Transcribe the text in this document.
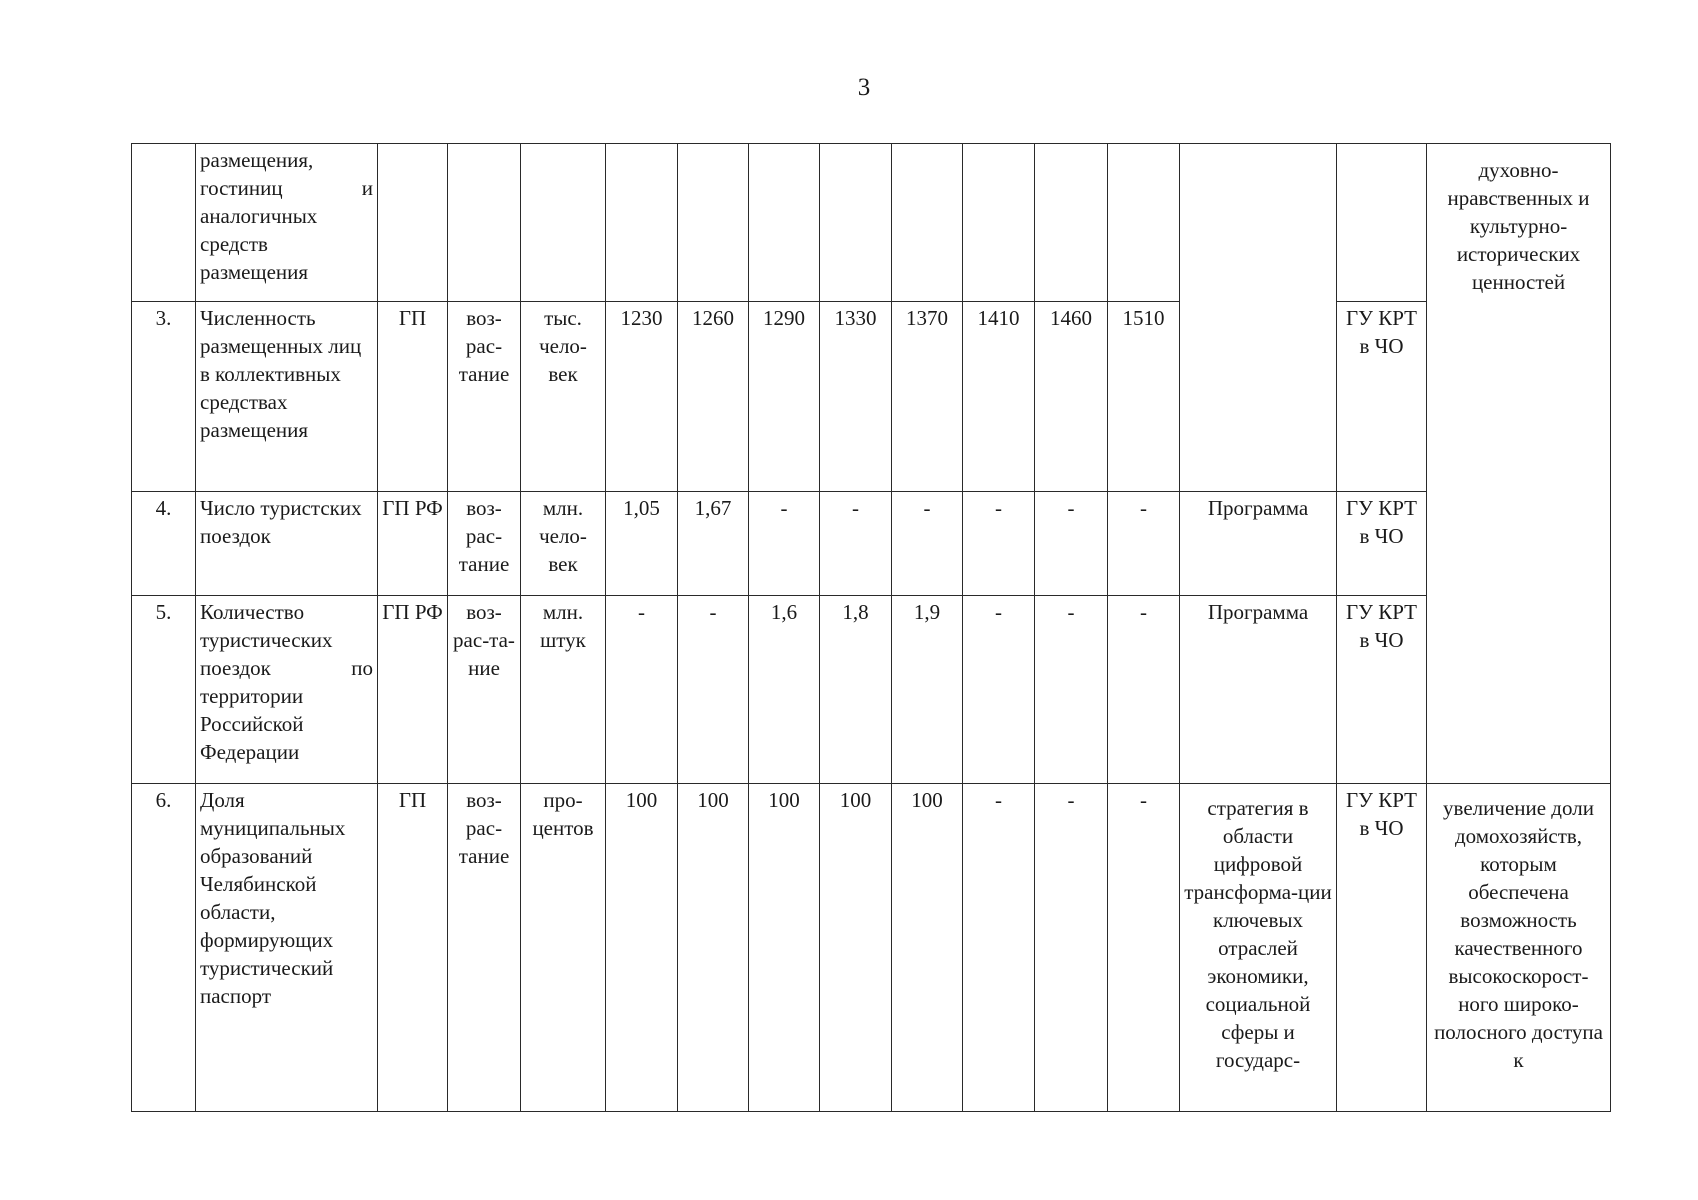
3
	размещения, гостиниц и аналогичных средств размещения														духовно-нравственных и культурно-исторических ценностей
3.	Численность размещенных лиц в коллективных средствах размещения	ГП	воз-рас-тание	тыс. чело-век	1230	1260	1290	1330	1370	1410	1460	1510		ГУ КРТ в ЧО	
4.	Число туристских поездок	ГП РФ	воз-рас-тание	млн. чело-век	1,05	1,67	-	-	-	-	-	-	Программа	ГУ КРТ в ЧО	
5.	Количество туристических поездок по территории Российской Федерации	ГП РФ	воз-рас-та-ние	млн. штук	-	-	1,6	1,8	1,9	-	-	-	Программа	ГУ КРТ в ЧО	
6.	Доля муниципальных образований Челябинской области, формирующих туристический паспорт	ГП	воз-рас-тание	про-центов	100	100	100	100	100	-	-	-	стратегия в области цифровой трансформа-ции ключевых отраслей экономики, социальной сферы и государс-	ГУ КРТ в ЧО	увеличение доли домохозяйств, которым обеспечена возможность качественного высокоскорост-ного широко-полосного доступа к
